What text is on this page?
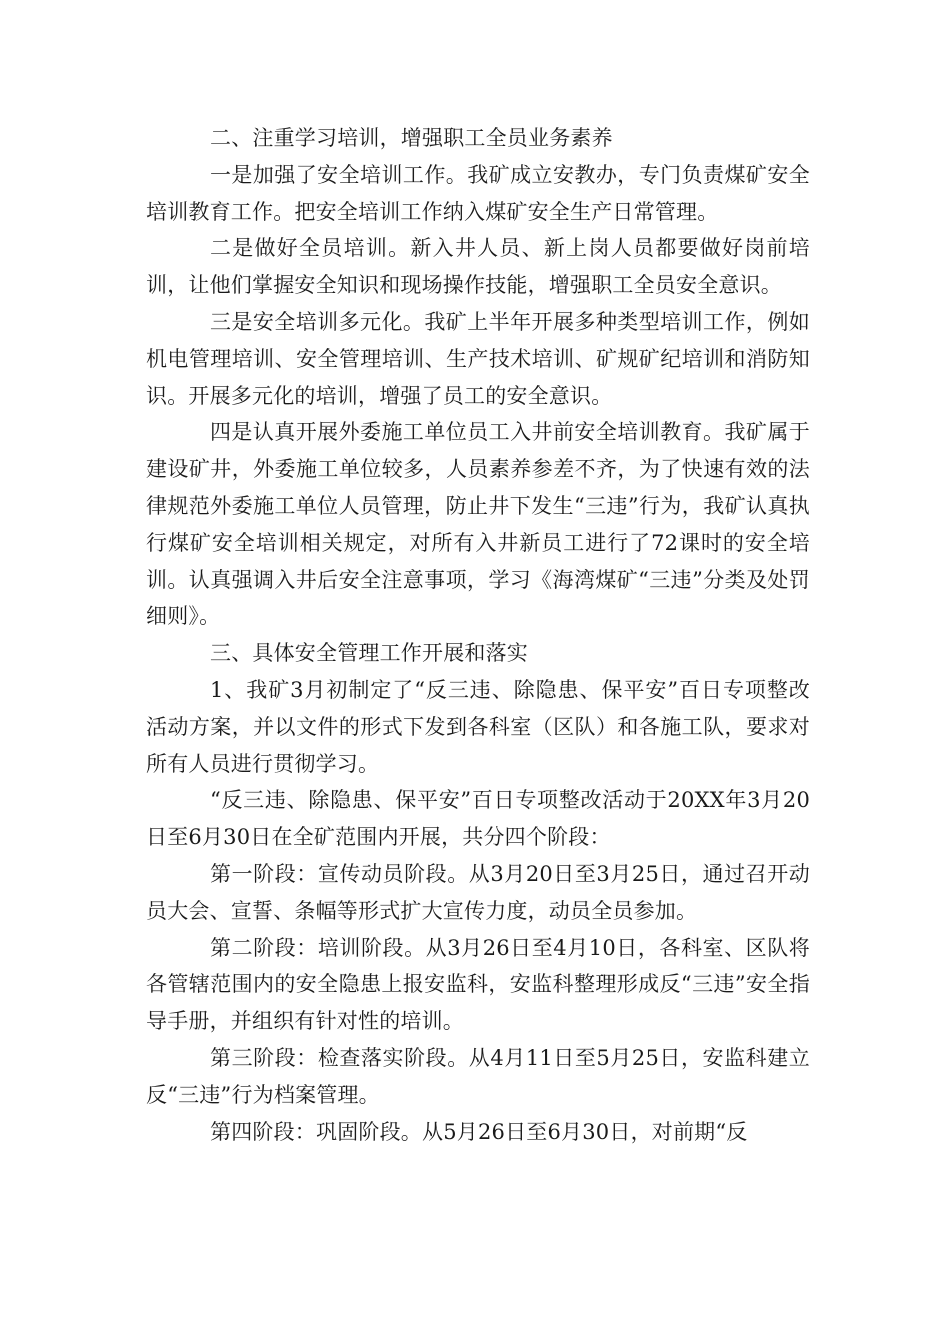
二、注重学习培训，增强职工全员业务素养

一是加强了安全培训工作。我矿成立安教办，专门负责煤矿安全培训教育工作。把安全培训工作纳入煤矿安全生产日常管理。

二是做好全员培训。新入井人员、新上岗人员都要做好岗前培训，让他们掌握安全知识和现场操作技能，增强职工全员安全意识。

三是安全培训多元化。我矿上半年开展多种类型培训工作，例如机电管理培训、安全管理培训、生产技术培训、矿规矿纪培训和消防知识。开展多元化的培训，增强了员工的安全意识。

四是认真开展外委施工单位员工入井前安全培训教育。我矿属于建设矿井，外委施工单位较多，人员素养参差不齐，为了快速有效的法律规范外委施工单位人员管理，防止井下发生“三违”行为，我矿认真执行煤矿安全培训相关规定，对所有入井新员工进行了72课时的安全培训。认真强调入井后安全注意事项，学习《海湾煤矿“三违”分类及处罚细则》。

三、具体安全管理工作开展和落实

1、我矿3月初制定了“反三违、除隐患、保平安”百日专项整改活动方案，并以文件的形式下发到各科室（区队）和各施工队，要求对所有人员进行贯彻学习。

“反三违、除隐患、保平安”百日专项整改活动于20XX年3月20日至6月30日在全矿范围内开展，共分四个阶段：

第一阶段：宣传动员阶段。从3月20日至3月25日，通过召开动员大会、宣誓、条幅等形式扩大宣传力度，动员全员参加。

第二阶段：培训阶段。从3月26日至4月10日，各科室、区队将各管辖范围内的安全隐患上报安监科，安监科整理形成反“三违”安全指导手册，并组织有针对性的培训。

第三阶段：检查落实阶段。从4月11日至5月25日，安监科建立反“三违”行为档案管理。

第四阶段：巩固阶段。从5月26日至6月30日，对前期“反
